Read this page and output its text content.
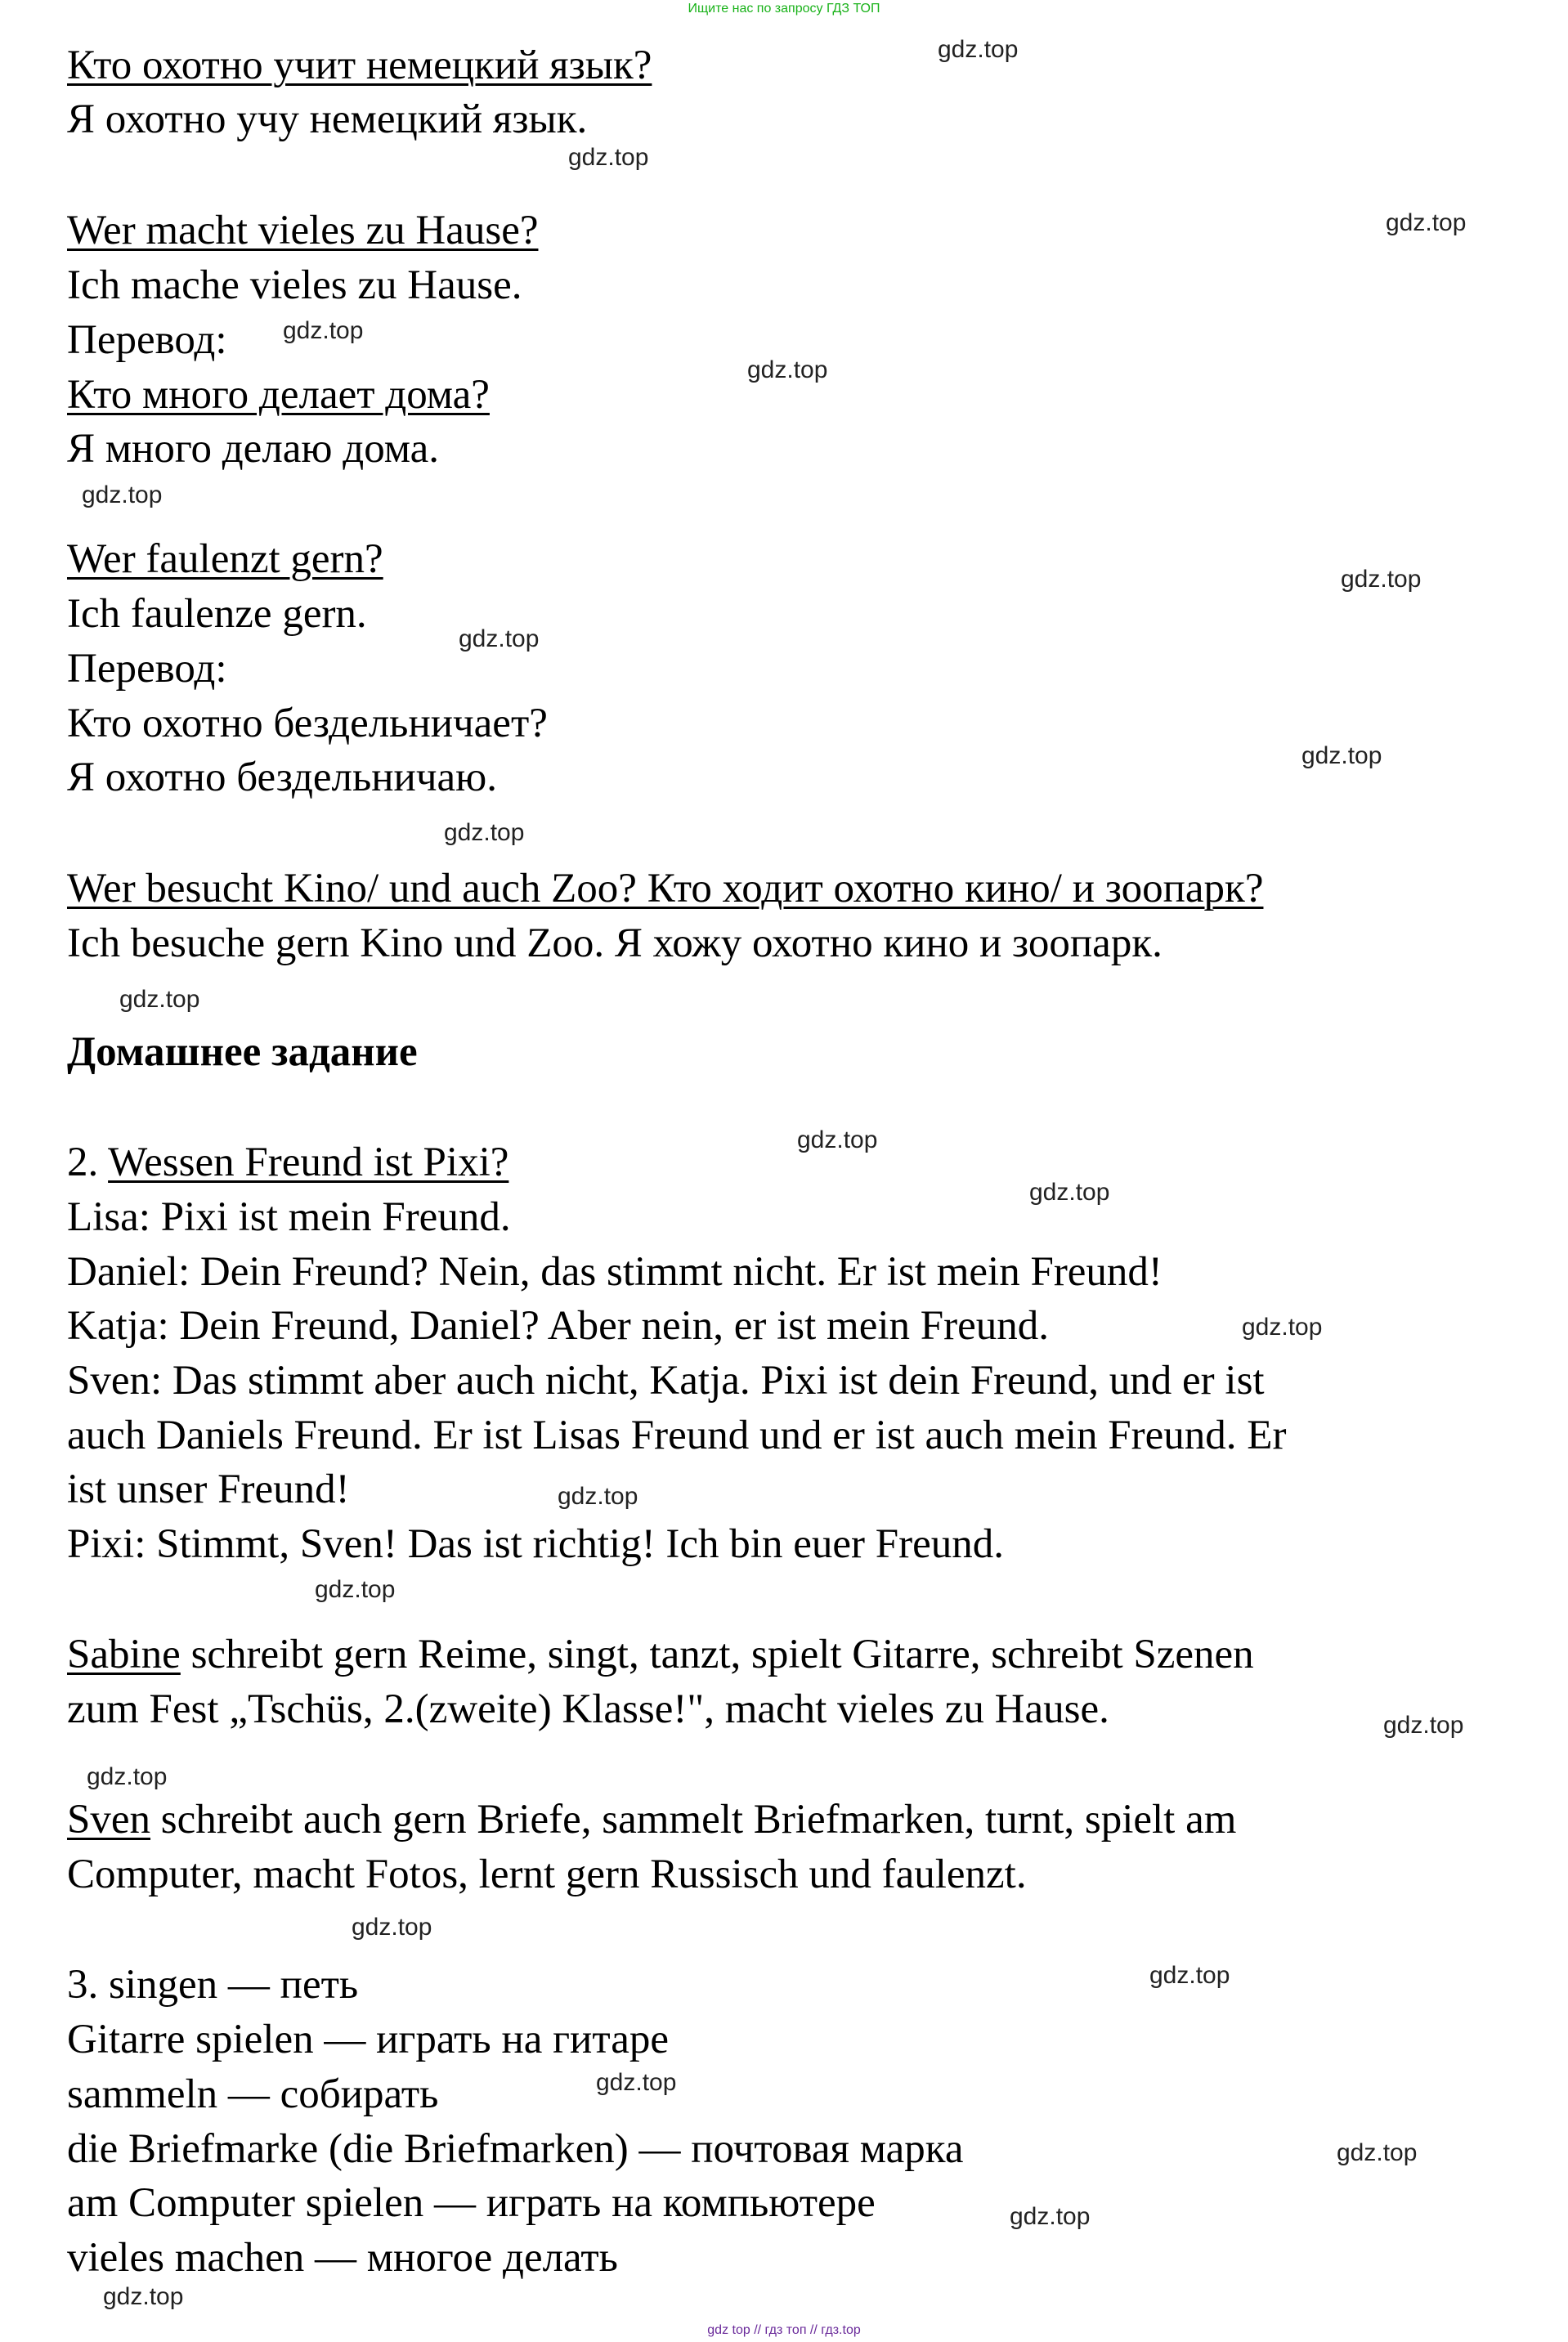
Ищите нас по запросу ГДЗ ТОП
Кто охотно учит немецкий язык?
Я охотно учу немецкий язык.
Wer macht vieles zu Hause?
Ich mache vieles zu Hause.
Перевод:
Кто много делает дома?
Я много делаю дома.
Wer faulenzt gern?
Ich faulenze gern.
Перевод:
Кто охотно бездельничает?
Я охотно бездельничаю.
Wer besucht Kino/ und auch Zoo? Кто ходит охотно кино/ и зоопарк?
Ich besuche gern Kino und Zoo. Я хожу охотно кино и зоопарк.
Домашнее задание
2. Wessen Freund ist Pixi?
Lisa: Pixi ist mein Freund.
Daniel: Dein Freund? Nein, das stimmt nicht. Er ist mein Freund!
Katja: Dein Freund, Daniel? Aber nein, er ist mein Freund.
Sven: Das stimmt aber auch nicht, Katja. Pixi ist dein Freund, und er ist
auch Daniels Freund. Er ist Lisas Freund und er ist auch mein Freund. Er
ist unser Freund!
Pixi: Stimmt, Sven! Das ist richtig! Ich bin euer Freund.
Sabine schreibt gern Reime, singt, tanzt, spielt Gitarre, schreibt Szenen
zum Fest „Tschüs, 2.(zweite) Klasse!", macht vieles zu Hause.
Sven schreibt auch gern Briefe, sammelt Briefmarken, turnt, spielt am
Computer, macht Fotos, lernt gern Russisch und faulenzt.
3. singen — петь
Gitarre spielen — играть на гитаре
sammeln — собирать
die Briefmarke (die Briefmarken) — почтовая марка
am Computer spielen — играть на компьютере
vieles machen — многое делать
gdz.top
gdz.top
gdz.top
gdz.top
gdz.top
gdz.top
gdz.top
gdz.top
gdz.top
gdz.top
gdz.top
gdz.top
gdz.top
gdz.top
gdz.top
gdz.top
gdz.top
gdz.top
gdz.top
gdz.top
gdz.top
gdz.top
gdz.top
gdz.top
gdz top // гдз топ // гдз.top
